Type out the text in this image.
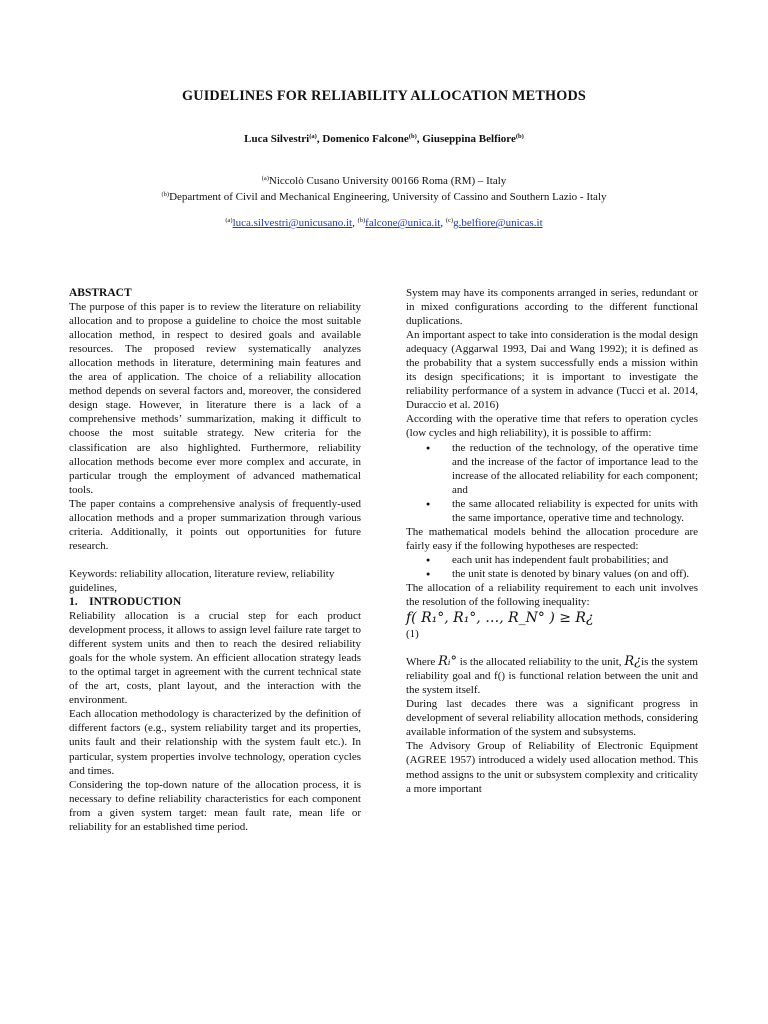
GUIDELINES FOR RELIABILITY ALLOCATION METHODS
Luca Silvestri$^{(a)}$, Domenico Falcone$^{(b)}$, Giuseppina Belfiore$^{(b)}$
$^{(a)}$Niccolò Cusano University 00166 Roma (RM) – Italy
$^{(b)}$Department of Civil and Mechanical Engineering, University of Cassino and Southern Lazio - Italy
$^{(a)}$luca.silvestri@unicusano.it, $^{(b)}$falcone@unica.it, $^{(c)}$g.belfiore@unicas.it

ABSTRACT

The purpose of this paper is to review the literature on reliability allocation and to propose a guideline to choice the most suitable allocation method, in respect to desired goals and available resources. The proposed review systematically analyzes allocation methods in literature, determining main features and the area of application. The choice of a reliability allocation method depends on several factors and, moreover, the considered design stage. However, in literature there is a lack of a comprehensive methods’ summarization, making it difficult to choose the most suitable strategy. New criteria for the classification are also highlighted. Furthermore, reliability allocation methods become ever more complex and accurate, in particular trough the employment of advanced mathematical tools.

The paper contains a comprehensive analysis of frequently-used allocation methods and a proper summarization through various criteria. Additionally, it points out opportunities for future research.

Keywords: reliability allocation, literature review, reliability guidelines,

1.    INTRODUCTION

Reliability allocation is a crucial step for each product development process, it allows to assign level failure rate target to different system units and then to reach the desired reliability goals for the whole system. An efficient allocation strategy leads to the optimal target in agreement with the current technical state of the art, costs, plant layout, and the interaction with the environment.

Each allocation methodology is characterized by the definition of different factors (e.g., system reliability target and its properties, units fault and their relationship with the system fault etc.). In particular, system properties involve technology, operation cycles and times.

Considering the top-down nature of the allocation process, it is necessary to define reliability characteristics for each component from a given system target: mean fault rate, mean life or reliability for an established time period.

System may have its components arranged in series, redundant or in mixed configurations according to the different functional duplications.

An important aspect to take into consideration is the modal design adequacy (Aggarwal 1993, Dai and Wang 1992); it is defined as the probability that a system successfully ends a mission within its design specifications; it is important to investigate the reliability performance of a system in advance (Tucci et al. 2014, Duraccio et al. 2016)

According with the operative time that refers to operation cycles (low cycles and high reliability), it is possible to affirm:

● the reduction of the technology, of the operative time and the increase of the factor of importance lead to the increase of the allocated reliability for each component; and
● the same allocated reliability is expected for units with the same importance, operative time and technology.

The mathematical models behind the allocation procedure are fairly easy if the following hypotheses are respected:

● each unit has independent fault probabilities; and
● the unit state is denoted by binary values (on and off).

The allocation of a reliability requirement to each unit involves the resolution of the following inequality:

f( R₁°, R₁°, …, R_N° ) ≥ R¿

(1)

Where Rᵢ° is the allocated reliability to the unit, R¿is the system reliability goal and f() is functional relation between the unit and the system itself.

During last decades there was a significant progress in development of several reliability allocation methods, considering available information of the system and subsystems.

The Advisory Group of Reliability of Electronic Equipment (AGREE 1957) introduced a widely used allocation method. This method assigns to the unit or subsystem complexity and criticality a more important
